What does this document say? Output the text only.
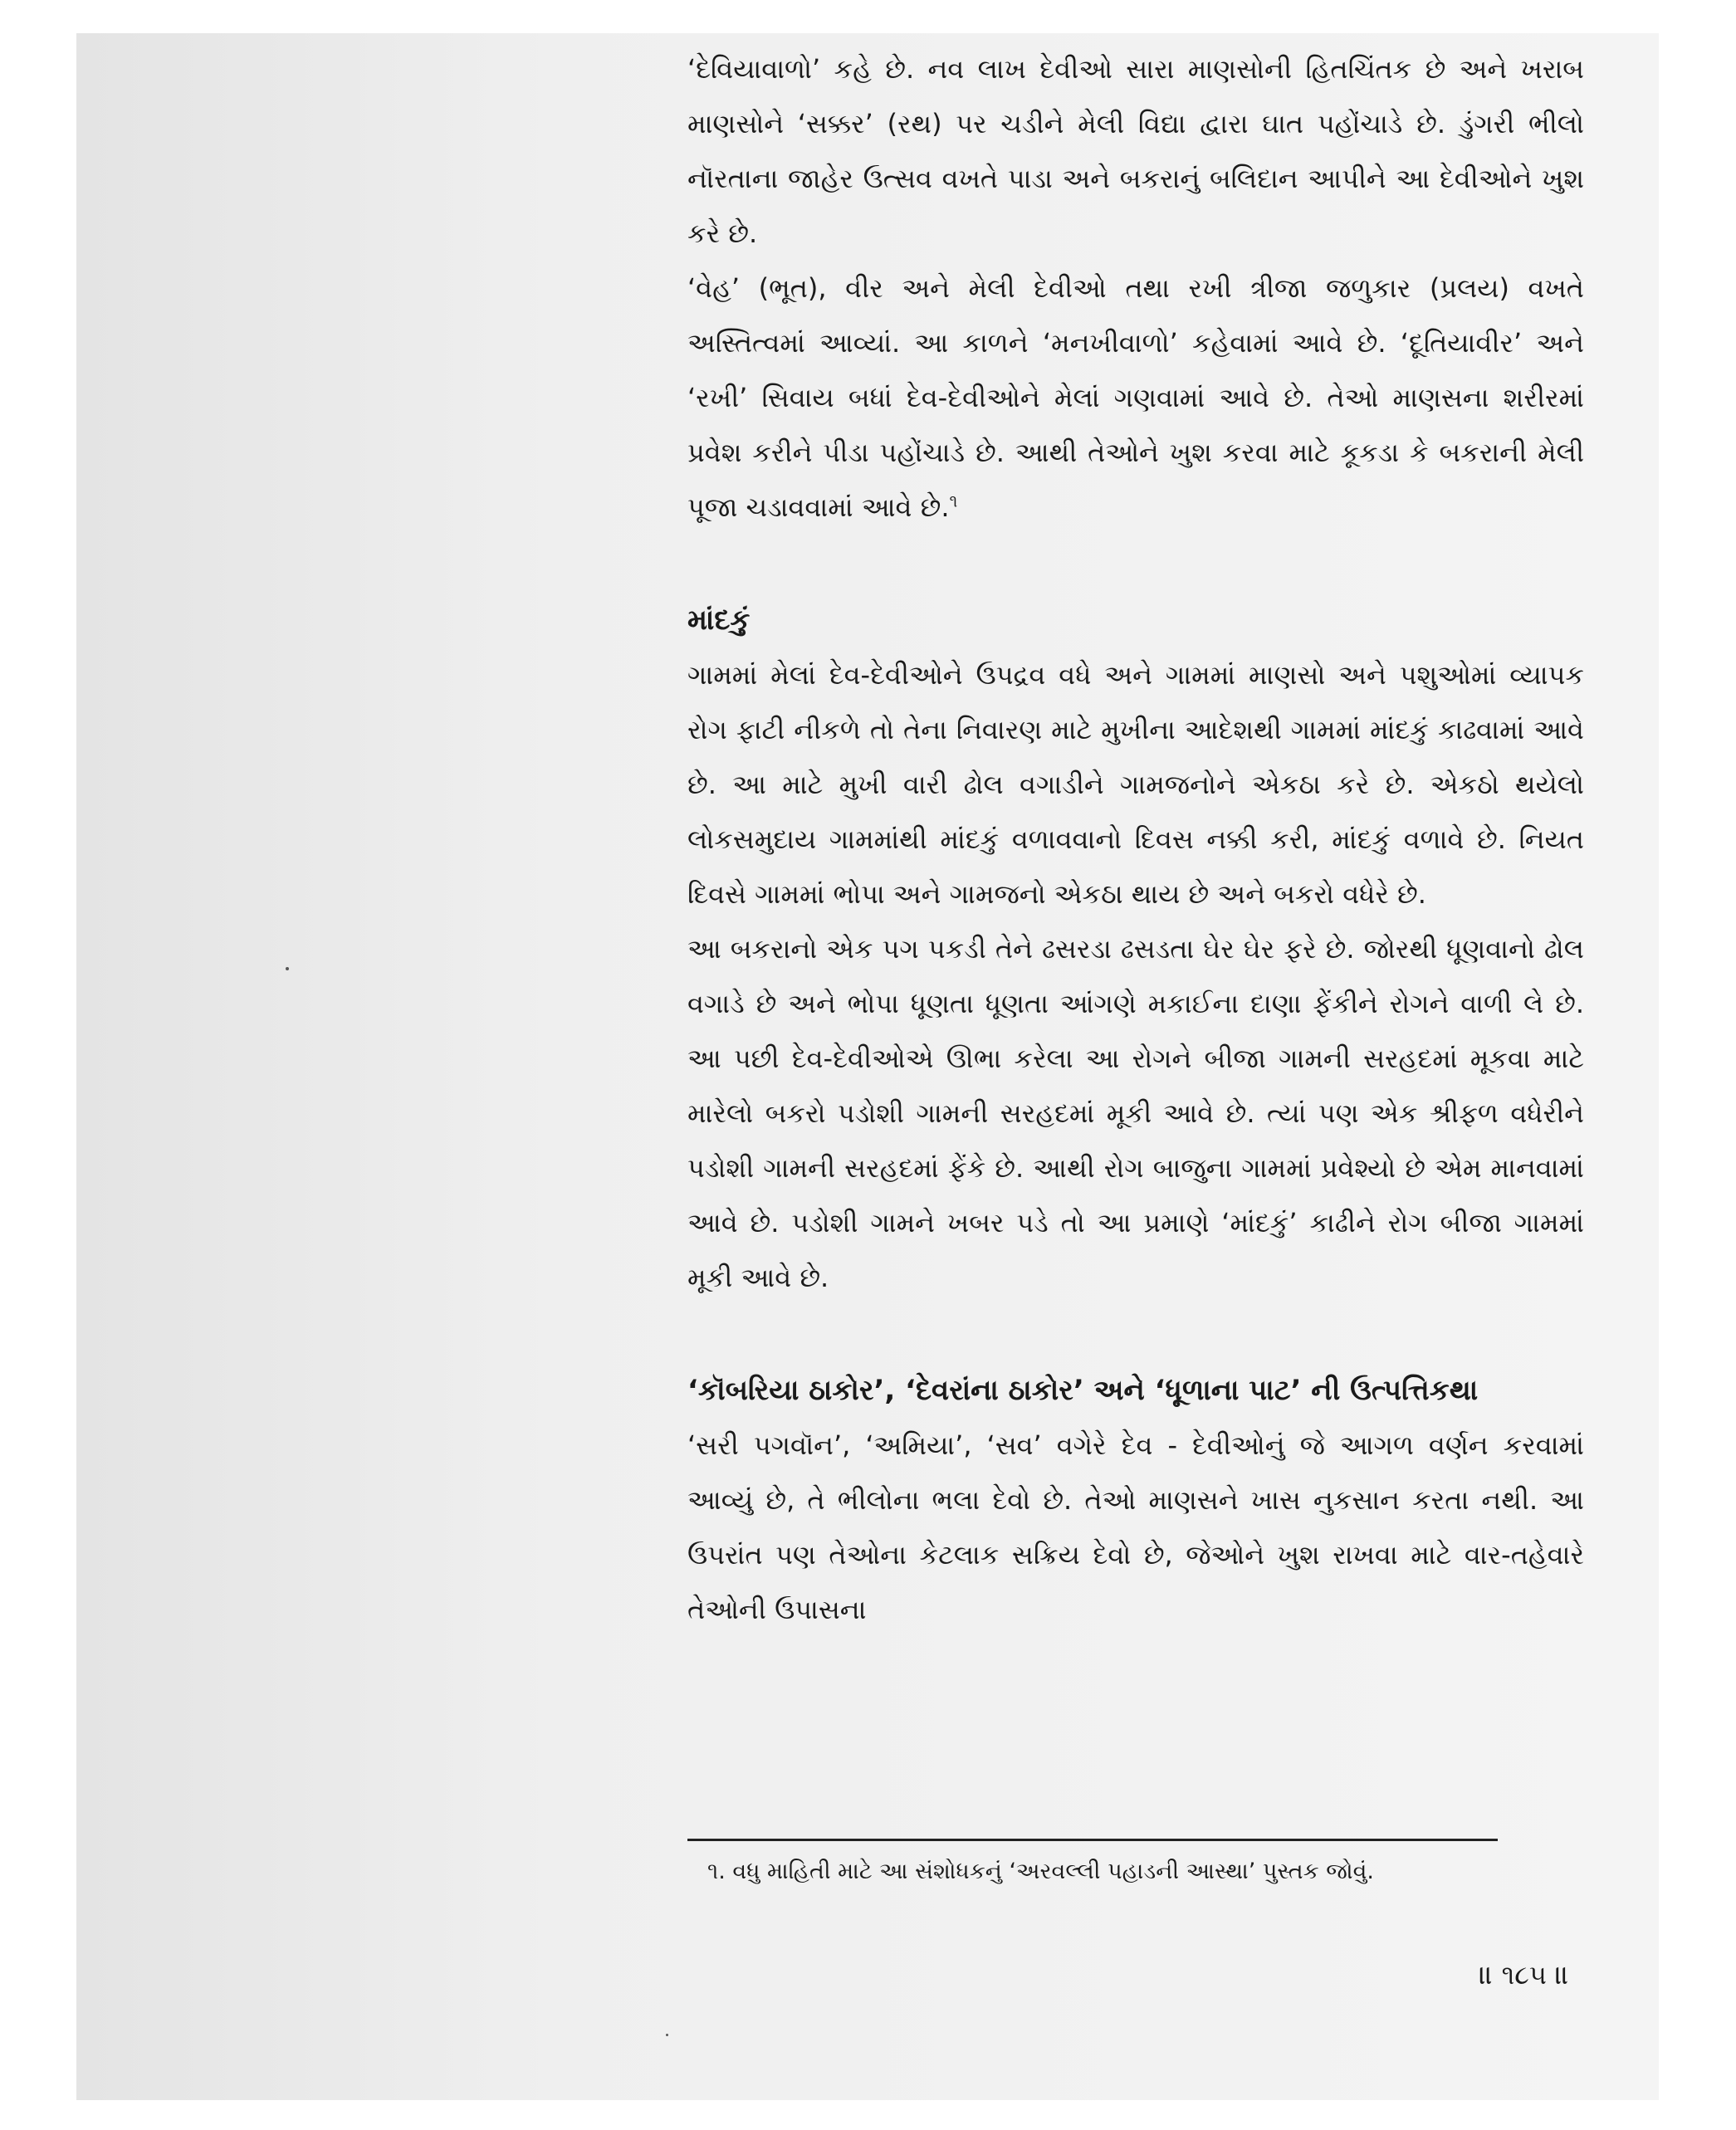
‘દેવિયાવાળો’ કહે છે. નવ લાખ દેવીઓ સારા માણસોની હિતચિંતક છે અને ખરાબ માણસોને ‘સક્કર’ (રથ) પર ચડીને મેલી વિદ્યા દ્વારા ઘાત પહોંચાડે છે. ડુંગરી ભીલો નૉરતાના જાહેર ઉત્સવ વખતે પાડા અને બકરાનું બલિદાન આપીને આ દેવીઓને ખુશ કરે છે.

‘વેહ’ (ભૂત), વીર અને મેલી દેવીઓ તથા રખી ત્રીજા જળુકાર (પ્રલય) વખતે અસ્તિત્વમાં આવ્યાં. આ કાળને ‘મનખીવાળો’ કહેવામાં આવે છે. ‘દૂતિયાવીર’ અને ‘રખી’ સિવાય બધાં દેવ-દેવીઓને મેલાં ગણવામાં આવે છે. તેઓ માણસના શરીરમાં પ્રવેશ કરીને પીડા પહોંચાડે છે. આથી તેઓને ખુશ કરવા માટે કૂકડા કે બકરાની મેલી પૂજા ચડાવવામાં આવે છે.$^૧$

માંદકું

ગામમાં મેલાં દેવ-દેવીઓને ઉપદ્રવ વધે અને ગામમાં માણસો અને પશુઓમાં વ્યાપક રોગ ફાટી નીકળે તો તેના નિવારણ માટે મુખીના આદેશથી ગામમાં માંદકું કાઢવામાં આવે છે. આ માટે મુખી વારી ઢોલ વગાડીને ગામજનોને એકઠા કરે છે. એકઠો થયેલો લોકસમુદાય ગામમાંથી માંદકું વળાવવાનો દિવસ નક્કી કરી, માંદકું વળાવે છે. નિયત દિવસે ગામમાં ભોપા અને ગામજનો એકઠા થાય છે અને બકરો વધેરે છે.

આ બકરાનો એક પગ પકડી તેને ઢસરડા ઢસડતા ઘેર ઘેર ફરે છે. જોરથી ધૂણવાનો ઢોલ વગાડે છે અને ભોપા ધૂણતા ધૂણતા આંગણે મકાઈના દાણા ફેંકીને રોગને વાળી લે છે. આ પછી દેવ-દેવીઓએ ઊભા કરેલા આ રોગને બીજા ગામની સરહદમાં મૂકવા માટે મારેલો બકરો પડોશી ગામની સરહદમાં મૂકી આવે છે. ત્યાં પણ એક શ્રીફળ વધેરીને પડોશી ગામની સરહદમાં ફેંકે છે. આથી રોગ બાજુના ગામમાં પ્રવેશ્યો છે એમ માનવામાં આવે છે. પડોશી ગામને ખબર પડે તો આ પ્રમાણે ‘માંદકું’ કાઢીને રોગ બીજા ગામમાં મૂકી આવે છે.

‘કૉબરિયા ઠાકોર’, ‘દેવરાંના ઠાકોર’ અને ‘ધૂળાના પાટ’ ની ઉત્પત્તિકથા

‘સરી પગવૉન’, ‘અમિયા’, ‘સવ’ વગેરે દેવ - દેવીઓનું જે આગળ વર્ણન કરવામાં આવ્યું છે, તે ભીલોના ભલા દેવો છે. તેઓ માણસને ખાસ નુકસાન કરતા નથી. આ ઉપરાંત પણ તેઓના કેટલાક સક્રિય દેવો છે, જેઓને ખુશ રાખવા માટે વાર-તહેવારે તેઓની ઉપાસના

૧. વધુ માહિતી માટે આ સંશોધકનું ‘અરવલ્લી પહાડની આસ્થા’ પુસ્તક જોવું.
॥ ૧૮૫ ॥
